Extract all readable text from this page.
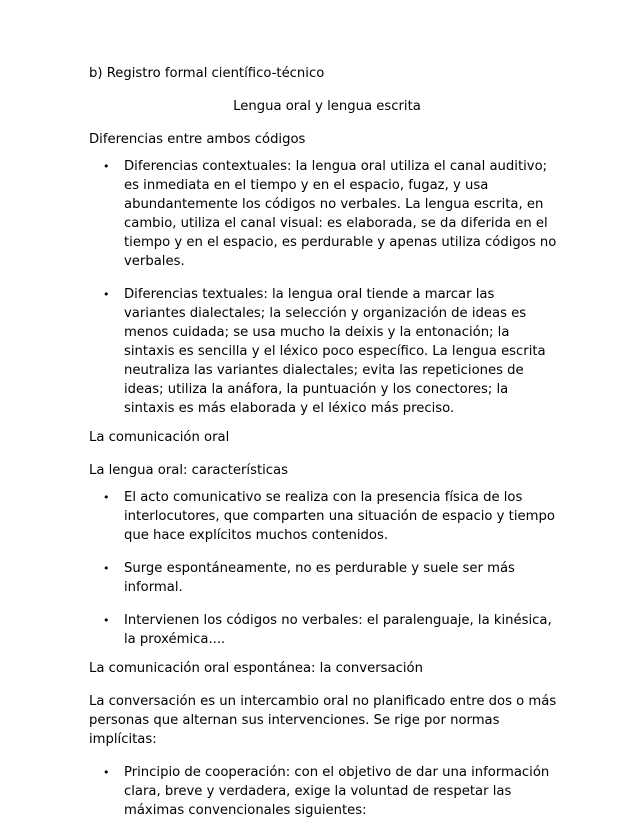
b) Registro formal científico-técnico

Lengua oral y lengua escrita

Diferencias entre ambos códigos

• Diferencias contextuales: la lengua oral utiliza el canal auditivo; es inmediata en el tiempo y en el espacio, fugaz, y usa abundantemente los códigos no verbales. La lengua escrita, en cambio, utiliza el canal visual: es elaborada, se da diferida en el tiempo y en el espacio, es perdurable y apenas utiliza códigos no verbales.
• Diferencias textuales: la lengua oral tiende a marcar las variantes dialectales; la selección y organización de ideas es menos cuidada; se usa mucho la deixis y la entonación; la sintaxis es sencilla y el léxico poco específico. La lengua escrita neutraliza las variantes dialectales; evita las repeticiones de ideas; utiliza la anáfora, la puntuación y los conectores; la sintaxis es más elaborada y el léxico más preciso.

La comunicación oral

La lengua oral: características

• El acto comunicativo se realiza con la presencia física de los interlocutores, que comparten una situación de espacio y tiempo que hace explícitos muchos contenidos.
• Surge espontáneamente, no es perdurable y suele ser más informal.
• Intervienen los códigos no verbales: el paralenguaje, la kinésica, la proxémica....

La comunicación oral espontánea: la conversación

La conversación es un intercambio oral no planificado entre dos o más personas que alternan sus intervenciones. Se rige por normas implícitas:

• Principio de cooperación: con el objetivo de dar una información clara, breve y verdadera, exige la voluntad de respetar las máximas convencionales siguientes:
